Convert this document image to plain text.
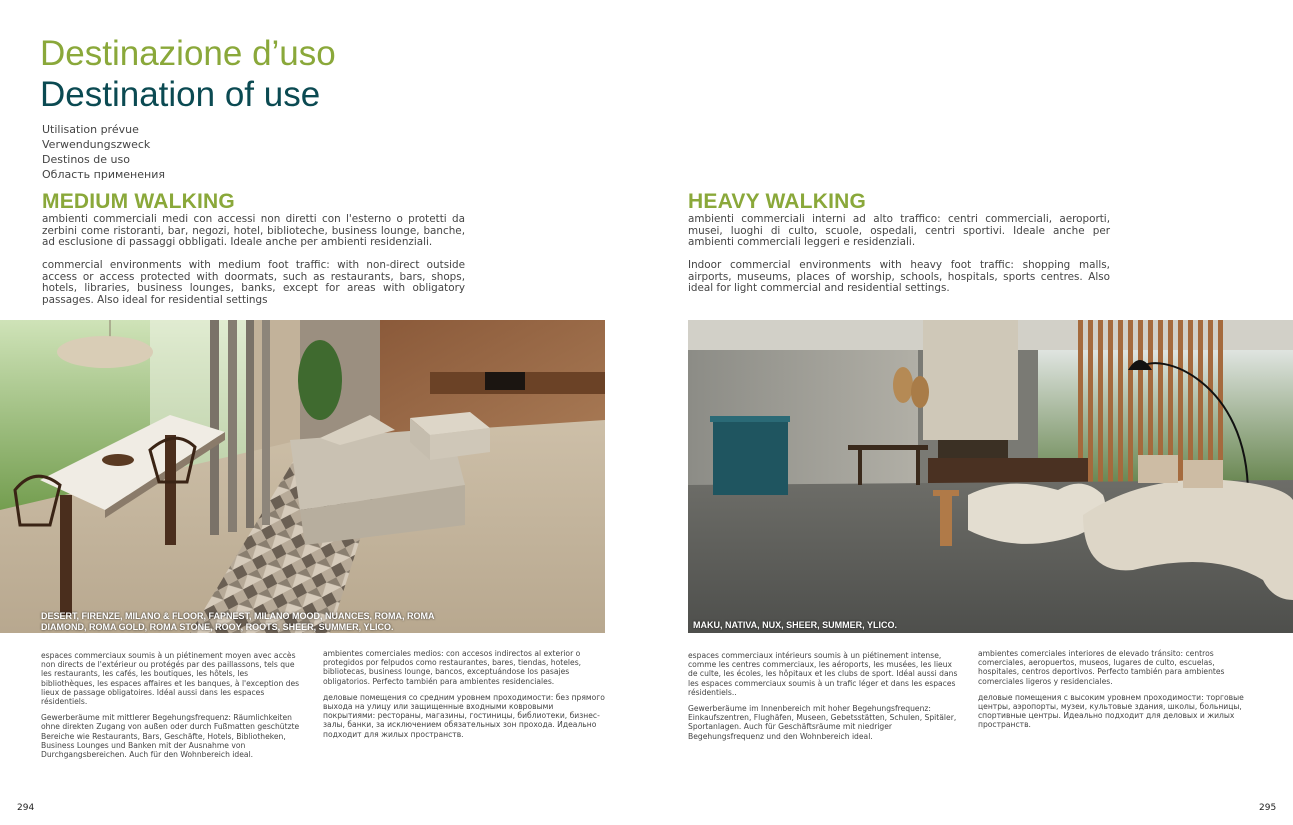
Destinazione d’uso
Destination of use
Utilisation prévue
Verwendungszweck
Destinos de uso
Область применения
MEDIUM WALKING
ambienti commerciali medi con accessi non diretti con l'esterno o protetti da zerbini come ristoranti, bar, negozi, hotel, biblioteche, business lounge, banche, ad esclusione di passaggi obbligati. Ideale anche per ambienti residenziali.
commercial environments with medium foot traffic: with non-direct outside access or access protected with doormats, such as restaurants, bars, shops, hotels, libraries, business lounges, banks, except for areas with obligatory passages. Also ideal for residential settings
HEAVY WALKING
ambienti commerciali interni ad alto traffico: centri commerciali, aeroporti, musei, luoghi di culto, scuole, ospedali, centri sportivi. Ideale anche per ambienti commerciali leggeri e residenziali.
Indoor commercial environments with heavy foot traffic: shopping malls, airports, museums, places of worship, schools, hospitals, sports centres. Also ideal for light commercial and residential settings.
DESERT, FIRENZE, MILANO & FLOOR, FAPNEST, MILANO MOOD, NUANCES, ROMA, ROMA DIAMOND, ROMA GOLD, ROMA STONE, ROOY, ROOTS, SHEER, SUMMER, YLICO.	MAKU, NATIVA, NUX, SHEER, SUMMER, YLICO.

espaces commerciaux soumis à un piétinement moyen avec accès non directs de l'extérieur ou protégés par des paillassons, tels que les restaurants, les cafés, les boutiques, les hôtels, les bibliothèques, les espaces affaires et les banques, à l'exception des lieux de passage obligatoires. Idéal aussi dans les espaces résidentiels.

Gewerberäume mit mittlerer Begehungsfrequenz: Räumlichkeiten ohne direkten Zugang von außen oder durch Fußmatten geschützte Bereiche wie Restaurants, Bars, Geschäfte, Hotels, Bibliotheken, Business Lounges und Banken mit der Ausnahme von Durchgangsbereichen. Auch für den Wohnbereich ideal.

ambientes comerciales medios: con accesos indirectos al exterior o protegidos por felpudos como restaurantes, bares, tiendas, hoteles, bibliotecas, business lounge, bancos, exceptuándose los pasajes obligatorios. Perfecto también para ambientes residenciales.

деловые помещения со средним уровнем проходимости: без прямого выхода на улицу или защищенные входными ковровыми покрытиями: рестораны, магазины, гостиницы, библиотеки, бизнес-залы, банки, за исключением обязательных зон прохода. Идеально подходит для жилых пространств.

espaces commerciaux intérieurs soumis à un piétinement intense, comme les centres commerciaux, les aéroports, les musées, les lieux de culte, les écoles, les hôpitaux et les clubs de sport. Idéal aussi dans les espaces commerciaux soumis à un trafic léger et dans les espaces résidentiels..

Gewerberäume im Innenbereich mit hoher Begehungsfrequenz: Einkaufszentren, Flughäfen, Museen, Gebetsstätten, Schulen, Spitäler, Sportanlagen. Auch für Geschäftsräume mit niedriger Begehungsfrequenz und den Wohnbereich ideal.

ambientes comerciales interiores de elevado tránsito: centros comerciales, aeropuertos, museos, lugares de culto, escuelas, hospitales, centros deportivos. Perfecto también para ambientes comerciales ligeros y residenciales.

деловые помещения с высоким уровнем проходимости: торговые центры, аэропорты, музеи, культовые здания, школы, больницы, спортивные центры. Идеально подходит для деловых и жилых пространств.

294	295
